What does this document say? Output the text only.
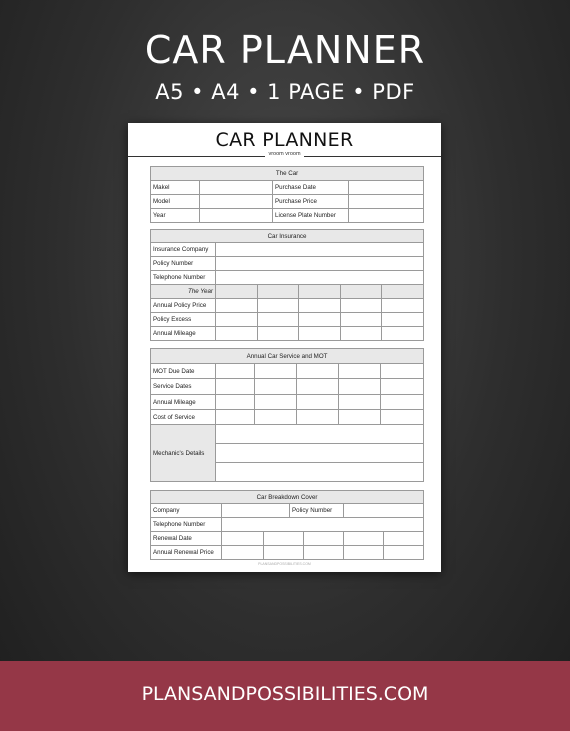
CAR PLANNER
A5 • A4 • 1 PAGE • PDF
CAR PLANNER
vroom vroom
The Car			
Makel		Purchase Date	
Model		Purchase Price	
Year		License Plate Number	
Car Insurance					
Insurance Company					
Policy Number					
Telephone Number					
The Year					
Annual Policy Price					
Policy Excess					
Annual Mileage					
Annual Car Service and MOT					
MOT Due Date					
Service Dates					
Annual Mileage					
Cost of Service					
Mechanic's Details					

Car Breakdown Cover						
Company			Policy Number			
Telephone Number						
Renewal Date						
Annual Renewal Price						
PLANSANDPOSSIBILITIES.COM
PLANSANDPOSSIBILITIES.COM
